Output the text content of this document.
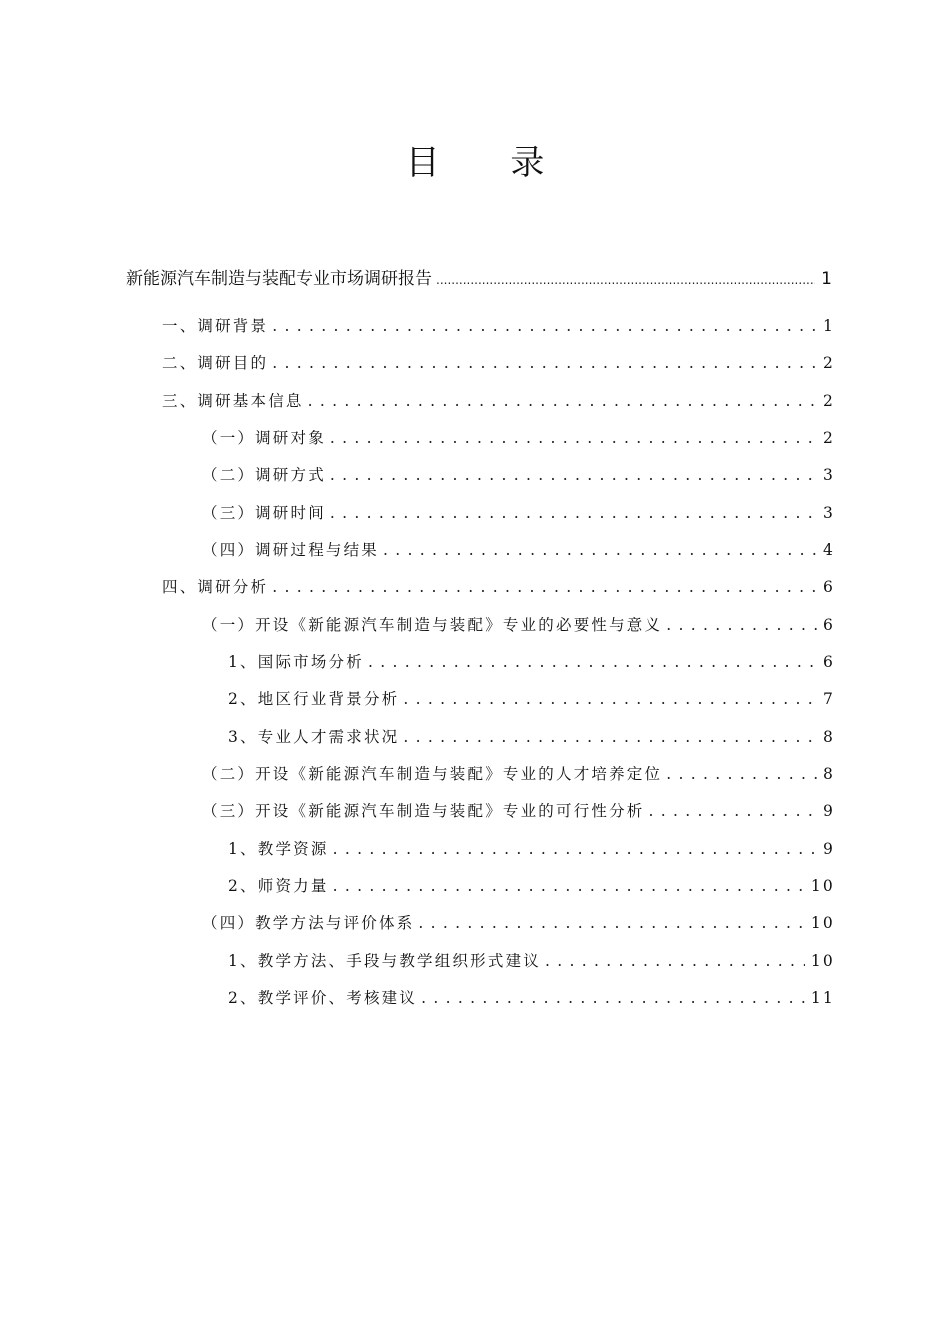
目 录
新能源汽车制造与装配专业市场调研报告 .....	1
一、调研背景 . . .	1
二、调研目的 . . .	2
三、调研基本信息 . . .	2
（一）调研对象 . . .	2
（二）调研方式 . . .	3
（三）调研时间 . . .	3
（四）调研过程与结果 . . .	4
四、调研分析 . . .	6
（一）开设《新能源汽车制造与装配》专业的必要性与意义 . . .	6
1、国际市场分析 . . .	6
2、地区行业背景分析 . . .	7
3、专业人才需求状况 . . .	8
（二）开设《新能源汽车制造与装配》专业的人才培养定位 . . .	8
（三）开设《新能源汽车制造与装配》专业的可行性分析 . . .	9
1、教学资源 . . .	9
2、师资力量 . . .	10
（四）教学方法与评价体系 . . .	10
1、教学方法、手段与教学组织形式建议 . . .	10
2、教学评价、考核建议 . . .	11
